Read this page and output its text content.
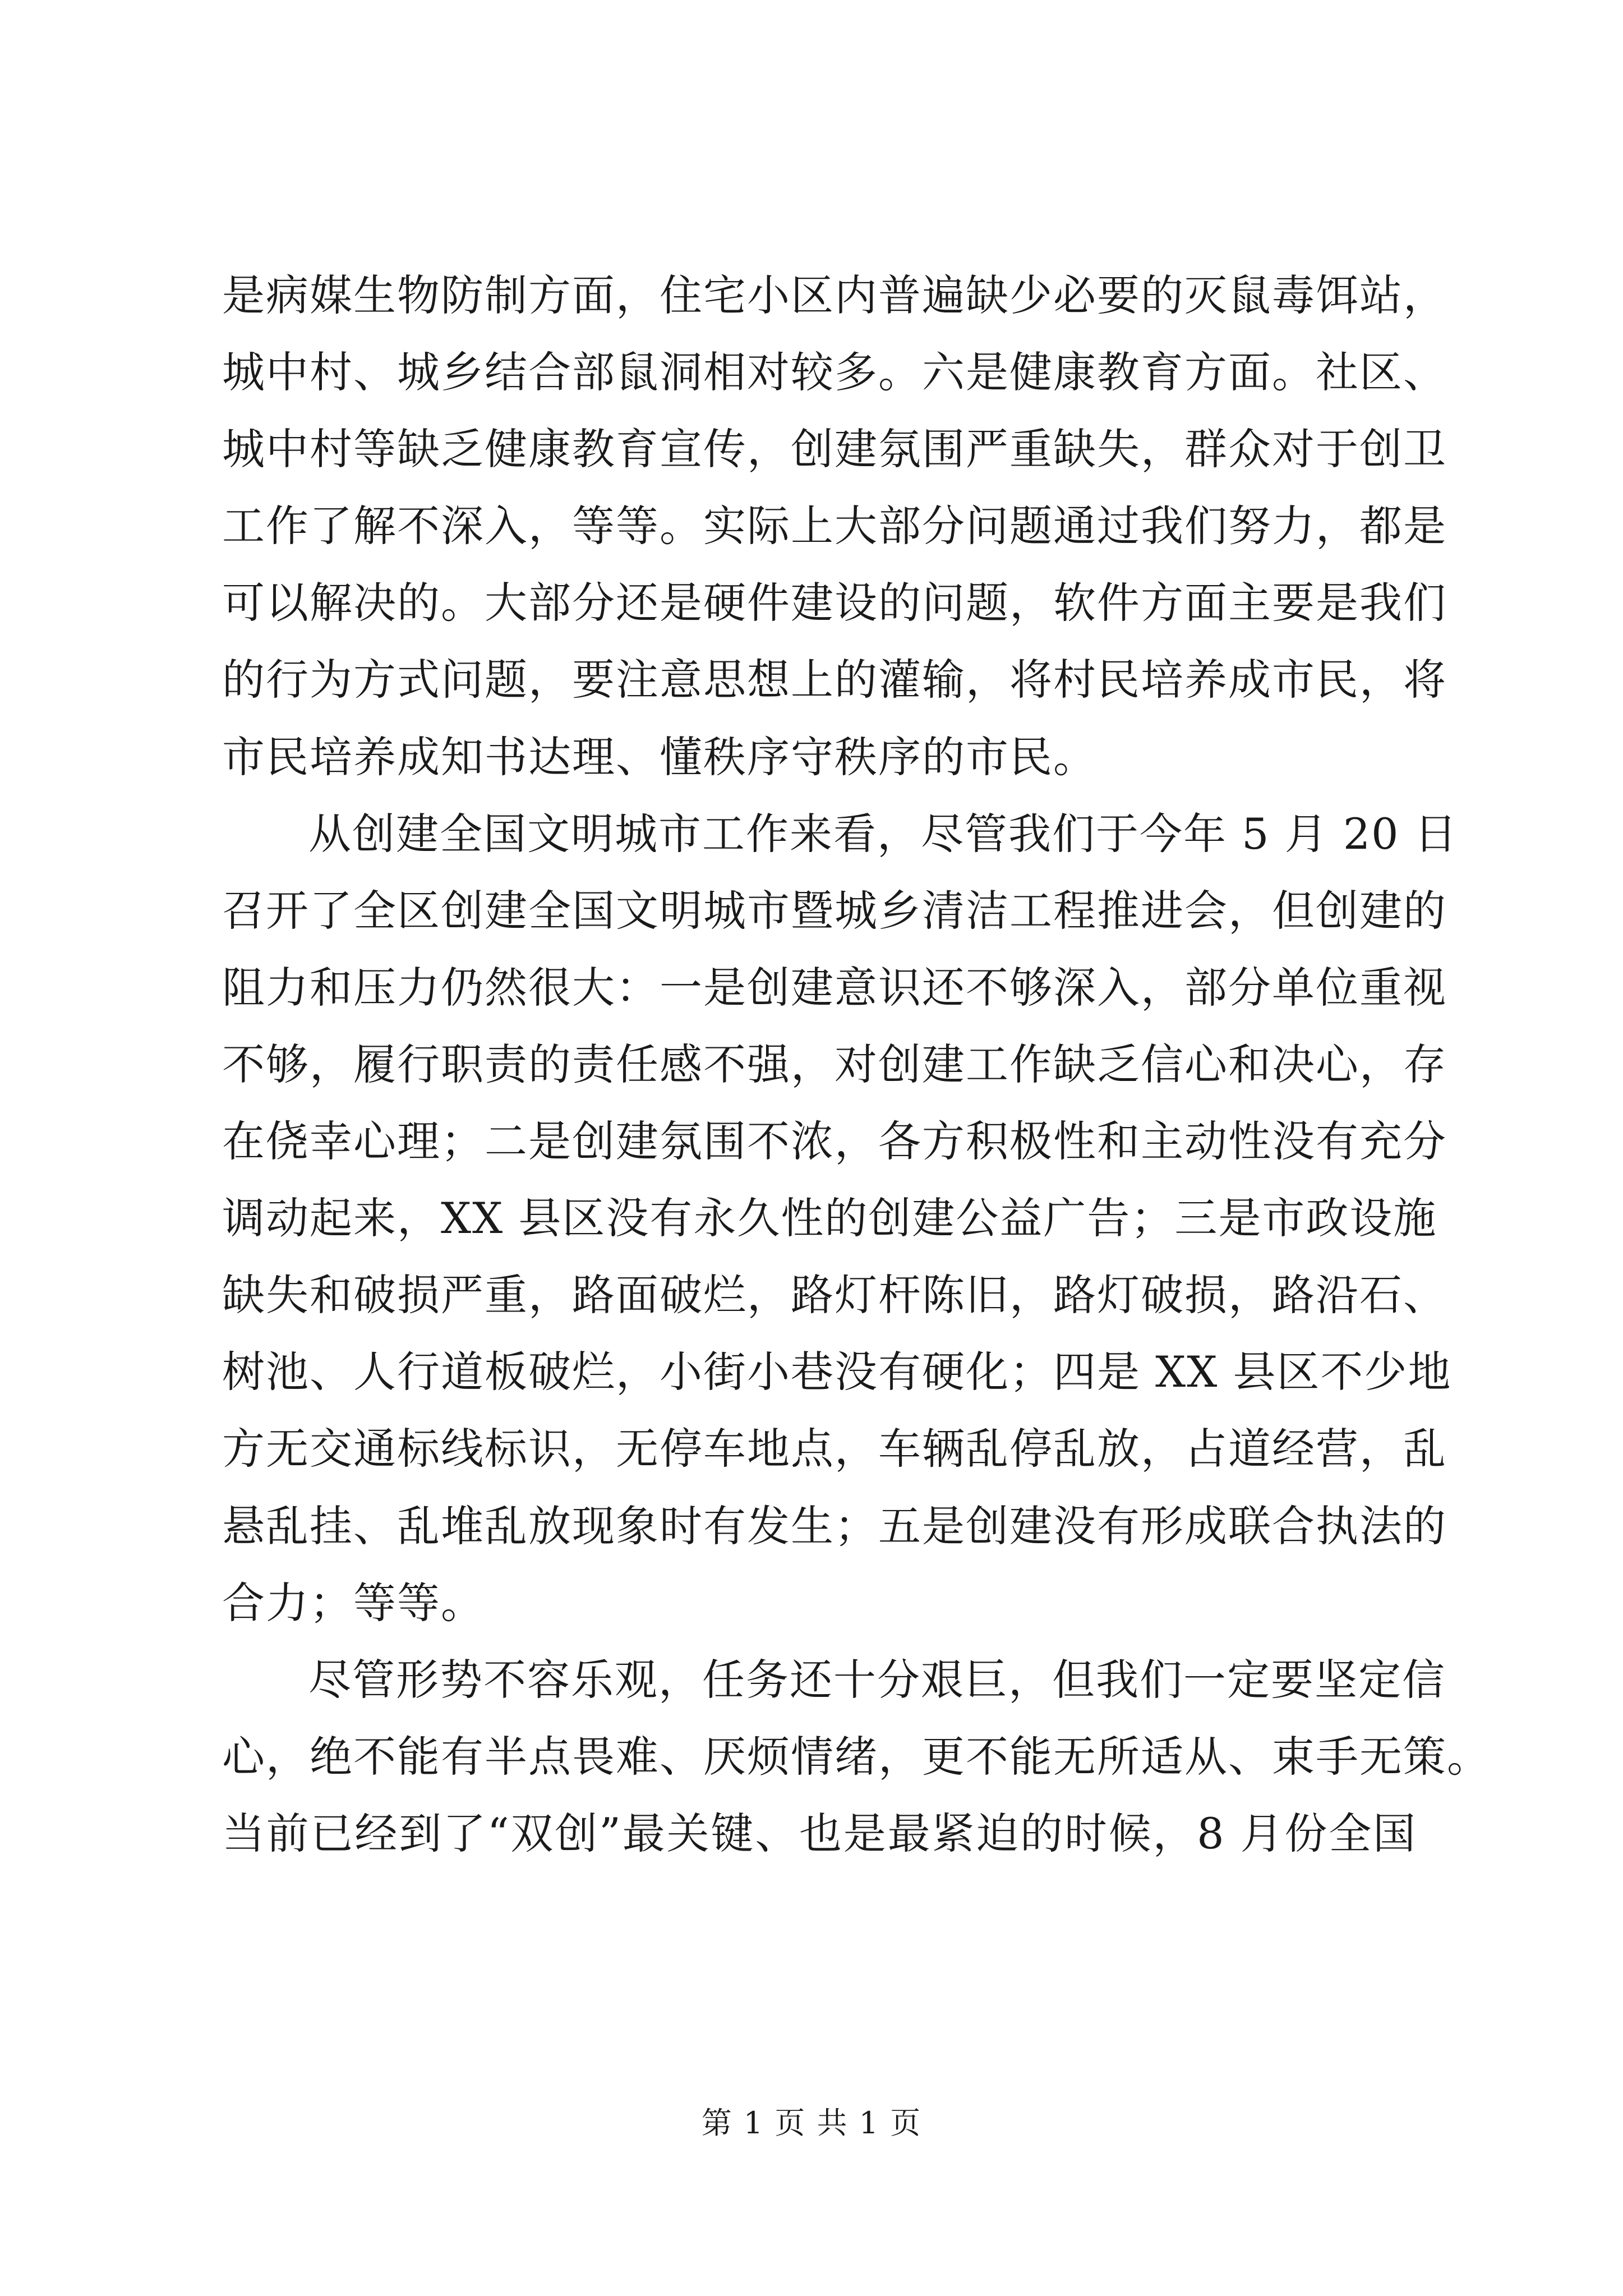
是病媒生物防制方面，住宅小区内普遍缺少必要的灭鼠毒饵站，
城中村、城乡结合部鼠洞相对较多。六是健康教育方面。社区、
城中村等缺乏健康教育宣传，创建氛围严重缺失，群众对于创卫
工作了解不深入，等等。实际上大部分问题通过我们努力，都是
可以解决的。大部分还是硬件建设的问题，软件方面主要是我们
的行为方式问题，要注意思想上的灌输，将村民培养成市民，将
市民培养成知书达理、懂秩序守秩序的市民。
从创建全国文明城市工作来看，尽管我们于今年 5 月 20 日
召开了全区创建全国文明城市暨城乡清洁工程推进会，但创建的
阻力和压力仍然很大：一是创建意识还不够深入，部分单位重视
不够，履行职责的责任感不强，对创建工作缺乏信心和决心，存
在侥幸心理；二是创建氛围不浓，各方积极性和主动性没有充分
调动起来，XX 县区没有永久性的创建公益广告；三是市政设施
缺失和破损严重，路面破烂，路灯杆陈旧，路灯破损，路沿石、
树池、人行道板破烂，小街小巷没有硬化；四是 XX 县区不少地
方无交通标线标识，无停车地点，车辆乱停乱放，占道经营，乱
悬乱挂、乱堆乱放现象时有发生；五是创建没有形成联合执法的
合力；等等。
尽管形势不容乐观，任务还十分艰巨，但我们一定要坚定信
心，绝不能有半点畏难、厌烦情绪，更不能无所适从、束手无策。
当前已经到了“双创”最关键、也是最紧迫的时候，8 月份全国
第 1 页 共 1 页
